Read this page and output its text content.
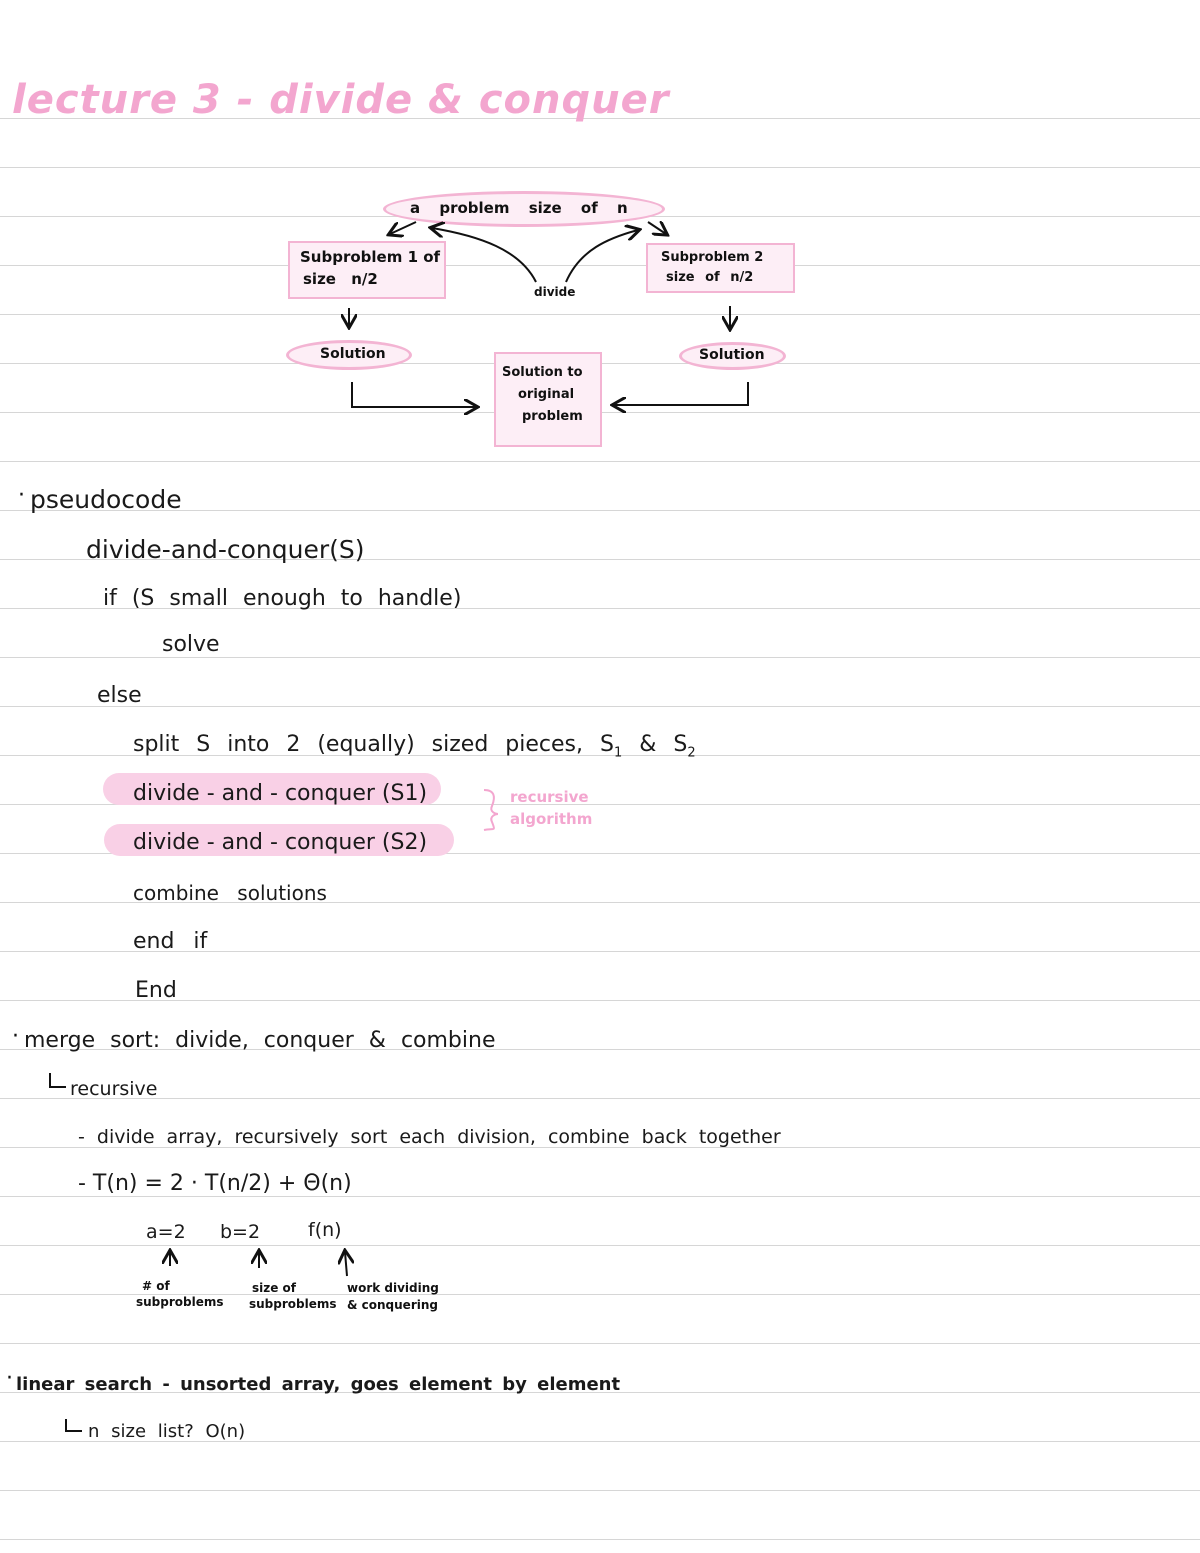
lecture 3 - divide & conquer
a problem size of n
Subproblem 1 of
size n/2
Subproblem 2
size of n/2
divide
Solution	Solution
Solution to
original
problem
pseudocode
·
divide-and-conquer(S)
if (S small enough to handle)
solve
else
split S into 2 (equally) sized pieces, $S_1$ & $S_2$
divide - and - conquer (S1)
divide - and - conquer (S2)
recursive
algorithm
combine solutions
end if
End
· merge sort: divide, conquer & combine
recursive
- divide array, recursively sort each division, combine back together
- T(n) = 2 · T(n/2) + Θ(n)
a=2 b=2	f(n)
# of
subproblems
size of
subproblems
work dividing
& conquering
· linear search - unsorted array, goes element by element
n size list? O(n)
